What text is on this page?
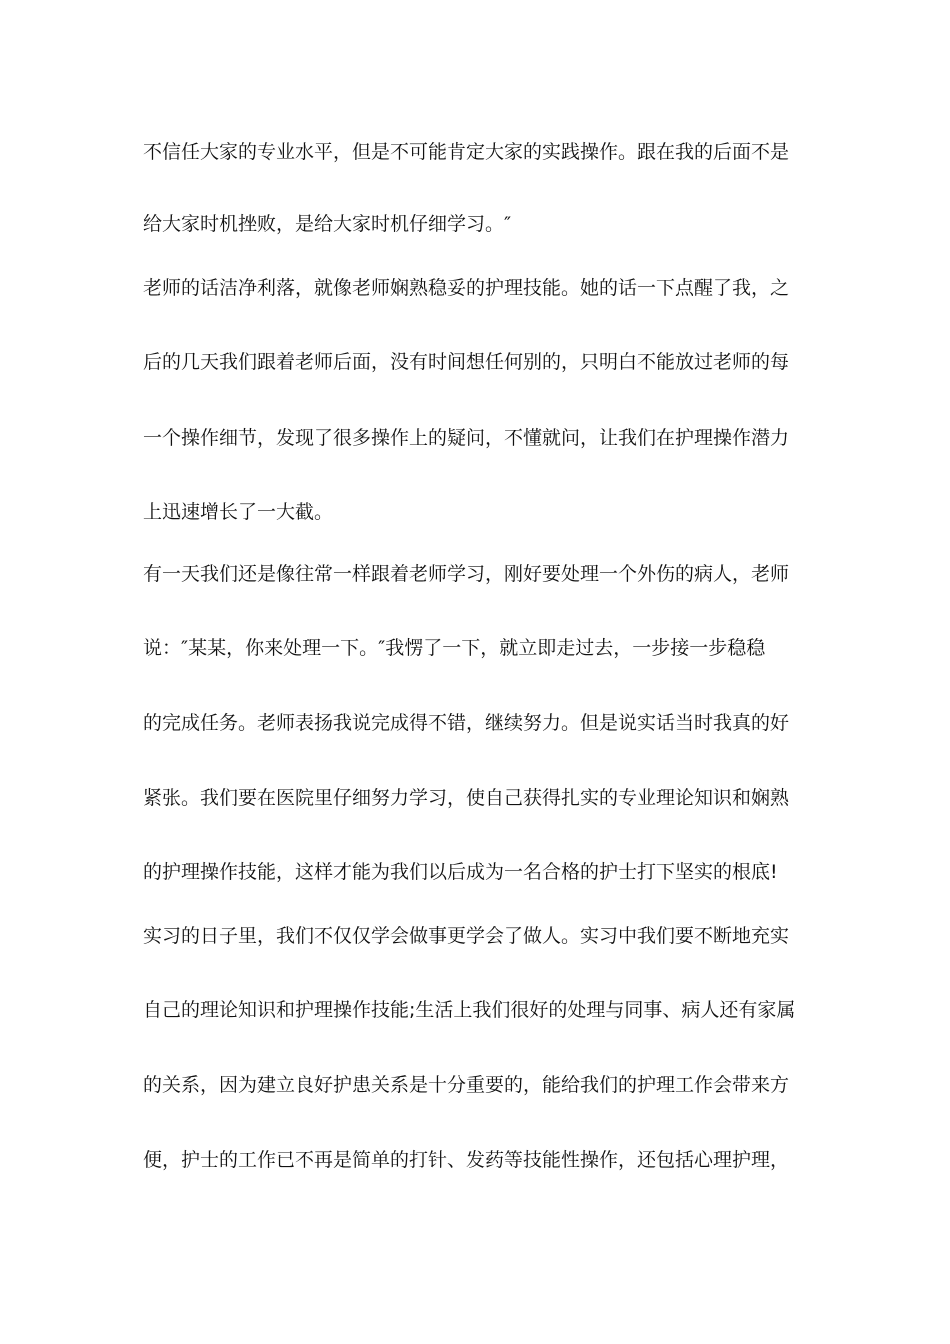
不信任大家的专业水平，但是不可能肯定大家的实践操作。跟在我的后面不是
给大家时机挫败，是给大家时机仔细学习。″
老师的话洁净利落，就像老师娴熟稳妥的护理技能。她的话一下点醒了我，之
后的几天我们跟着老师后面，没有时间想任何别的，只明白不能放过老师的每
一个操作细节，发现了很多操作上的疑问，不懂就问，让我们在护理操作潜力
上迅速增长了一大截。
有一天我们还是像往常一样跟着老师学习，刚好要处理一个外伤的病人，老师
说：″某某，你来处理一下。″我愣了一下，就立即走过去，一步接一步稳稳
的完成任务。老师表扬我说完成得不错，继续努力。但是说实话当时我真的好
紧张。我们要在医院里仔细努力学习，使自己获得扎实的专业理论知识和娴熟
的护理操作技能，这样才能为我们以后成为一名合格的护士打下坚实的根底!
实习的日子里，我们不仅仅学会做事更学会了做人。实习中我们要不断地充实
自己的理论知识和护理操作技能;生活上我们很好的处理与同事、病人还有家属
的关系，因为建立良好护患关系是十分重要的，能给我们的护理工作会带来方
便，护士的工作已不再是简单的打针、发药等技能性操作，还包括心理护理，
